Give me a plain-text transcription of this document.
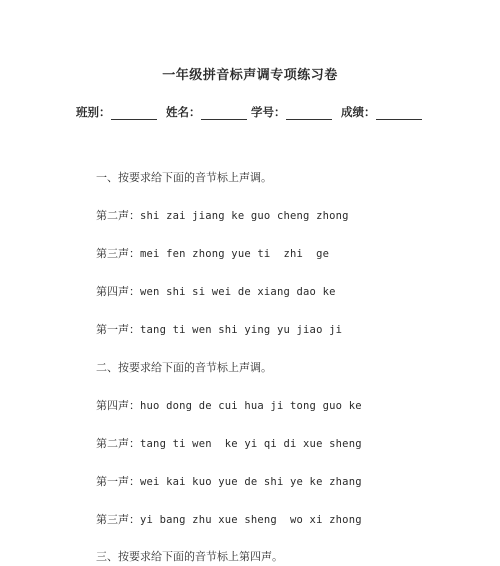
一年级拼音标声调专项练习卷
班别：	姓名：	学号：	成绩：
一、按要求给下面的音节标上声调。
第二声：shi zai jiang ke guo cheng zhong
第三声：mei fen zhong yue ti  zhi  ge
第四声：wen shi si wei de xiang dao ke
第一声：tang ti wen shi ying yu jiao ji
二、按要求给下面的音节标上声调。
第四声：huo dong de cui hua ji tong guo ke
第二声：tang ti wen  ke yi qi di xue sheng
第一声：wei kai kuo yue de shi ye ke zhang
第三声：yi bang zhu xue sheng  wo xi zhong
三、按要求给下面的音节标上第四声。
